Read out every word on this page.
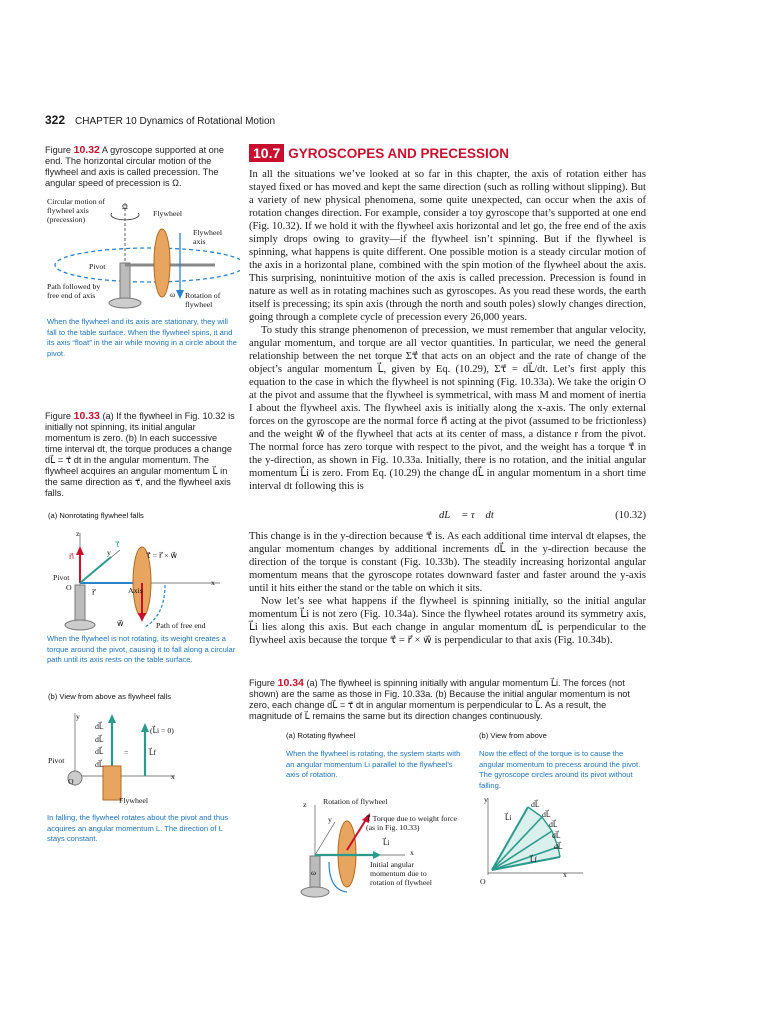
322 CHAPTER 10 Dynamics of Rotational Motion
Figure 10.32 A gyroscope supported at one end. The horizontal circular motion of the flywheel and axis is called precession. The angular speed of precession is Ω.
Circular motion of flywheel axis (precession)
Ω
Flywheel
Flywheel axis
Pivot
Path followed by free end of axis	ω Rotation of flywheel
When the flywheel and its axis are stationary, they will fall to the table surface. When the flywheel spins, it and its axis “float” in the air while moving in a circle about the pivot.
Figure 10.33 (a) If the flywheel in Fig. 10.32 is initially not spinning, its initial angular momentum is zero. (b) In each successive time interval dt, the torque produces a change dL⃗ = τ⃗ dt in the angular momentum. The flywheel acquires an angular momentum L⃗ in the same direction as τ⃗, and the flywheel axis falls.
(a) Nonrotating flywheel falls
z
y
n⃗	τ⃗ = r⃗ × w⃗
Pivot
O
r⃗
x
Axis
w⃗	Path of free end
τ⃗
When the flywheel is not rotating, its weight creates a torque around the pivot, causing it to fall along a circular path until its axis rests on the table surface.
(b) View from above as flywheel falls
y
dL⃗
dL⃗
dL⃗
dL⃗
(L⃗i = 0)
=	L⃗f
Pivot
O
x
Flywheel
In falling, the flywheel rotates about the pivot and thus acquires an angular momentum L. The direction of L stays constant.
10.7 GYROSCOPES AND PRECESSION

In all the situations we’ve looked at so far in this chapter, the axis of rotation either has stayed fixed or has moved and kept the same direction (such as rolling without slipping). But a variety of new physical phenomena, some quite unexpected, can occur when the axis of rotation changes direction. For example, consider a toy gyroscope that’s supported at one end (Fig. 10.32). If we hold it with the flywheel axis horizontal and let go, the free end of the axis simply drops owing to gravity—if the flywheel isn’t spinning. But if the flywheel is spinning, what happens is quite different. One possible motion is a steady circular motion of the axis in a horizontal plane, combined with the spin motion of the flywheel about the axis. This surprising, nonintuitive motion of the axis is called precession. Precession is found in nature as well as in rotating machines such as gyroscopes. As you read these words, the earth itself is precessing; its spin axis (through the north and south poles) slowly changes direction, going through a complete cycle of precession every 26,000 years.

To study this strange phenomenon of precession, we must remember that angular velocity, angular momentum, and torque are all vector quantities. In particular, we need the general relationship between the net torque Στ⃗ that acts on an object and the rate of change of the object’s angular momentum L⃗, given by Eq. (10.29), Στ⃗ = dL⃗/dt. Let’s first apply this equation to the case in which the flywheel is not spinning (Fig. 10.33a). We take the origin O at the pivot and assume that the flywheel is symmetrical, with mass M and moment of inertia I about the flywheel axis. The flywheel axis is initially along the x-axis. The only external forces on the gyroscope are the normal force n⃗ acting at the pivot (assumed to be frictionless) and the weight w⃗ of the flywheel that acts at its center of mass, a distance r from the pivot. The normal force has zero torque with respect to the pivot, and the weight has a torque τ⃗ in the y-direction, as shown in Fig. 10.33a. Initially, there is no rotation, and the initial angular momentum L⃗i is zero. From Eq. (10.29) the change dL⃗ in angular momentum in a short time interval dt following this is

dL⃗ = τ⃗ dt	(10.32)

This change is in the y-direction because τ⃗ is. As each additional time interval dt elapses, the angular momentum changes by additional increments dL⃗ in the y-direction because the direction of the torque is constant (Fig. 10.33b). The steadily increasing horizontal angular momentum means that the gyroscope rotates downward faster and faster around the y-axis until it hits either the stand or the table on which it sits.

Now let’s see what happens if the flywheel is spinning initially, so the initial angular momentum L⃗i is not zero (Fig. 10.34a). Since the flywheel rotates around its symmetry axis, L⃗i lies along this axis. But each change in angular momentum dL⃗ is perpendicular to the flywheel axis because the torque τ⃗ = r⃗ × w⃗ is perpendicular to that axis (Fig. 10.34b).

Figure 10.34 (a) The flywheel is spinning initially with angular momentum L⃗i. The forces (not shown) are the same as those in Fig. 10.33a. (b) Because the initial angular momentum is not zero, each change dL⃗ = τ⃗ dt in angular momentum is perpendicular to L⃗. As a result, the magnitude of L⃗ remains the same but its direction changes continuously.
(a) Rotating flywheel	(b) View from above
When the flywheel is rotating, the system starts with an angular momentum Li parallel to the flywheel’s axis of rotation.
Now the effect of the torque is to cause the angular momentum to precess around the pivot. The gyroscope circles around its pivot without falling.
z
y
Rotation of flywheel
τ⃗ Torque due to weight force (as in Fig. 10.33)
x
L⃗i
Initial angular momentum due to rotation of flywheel
ω
y
L⃗i
dL⃗
dL⃗
dL⃗
dL⃗
dL⃗
L⃗f
O
x
